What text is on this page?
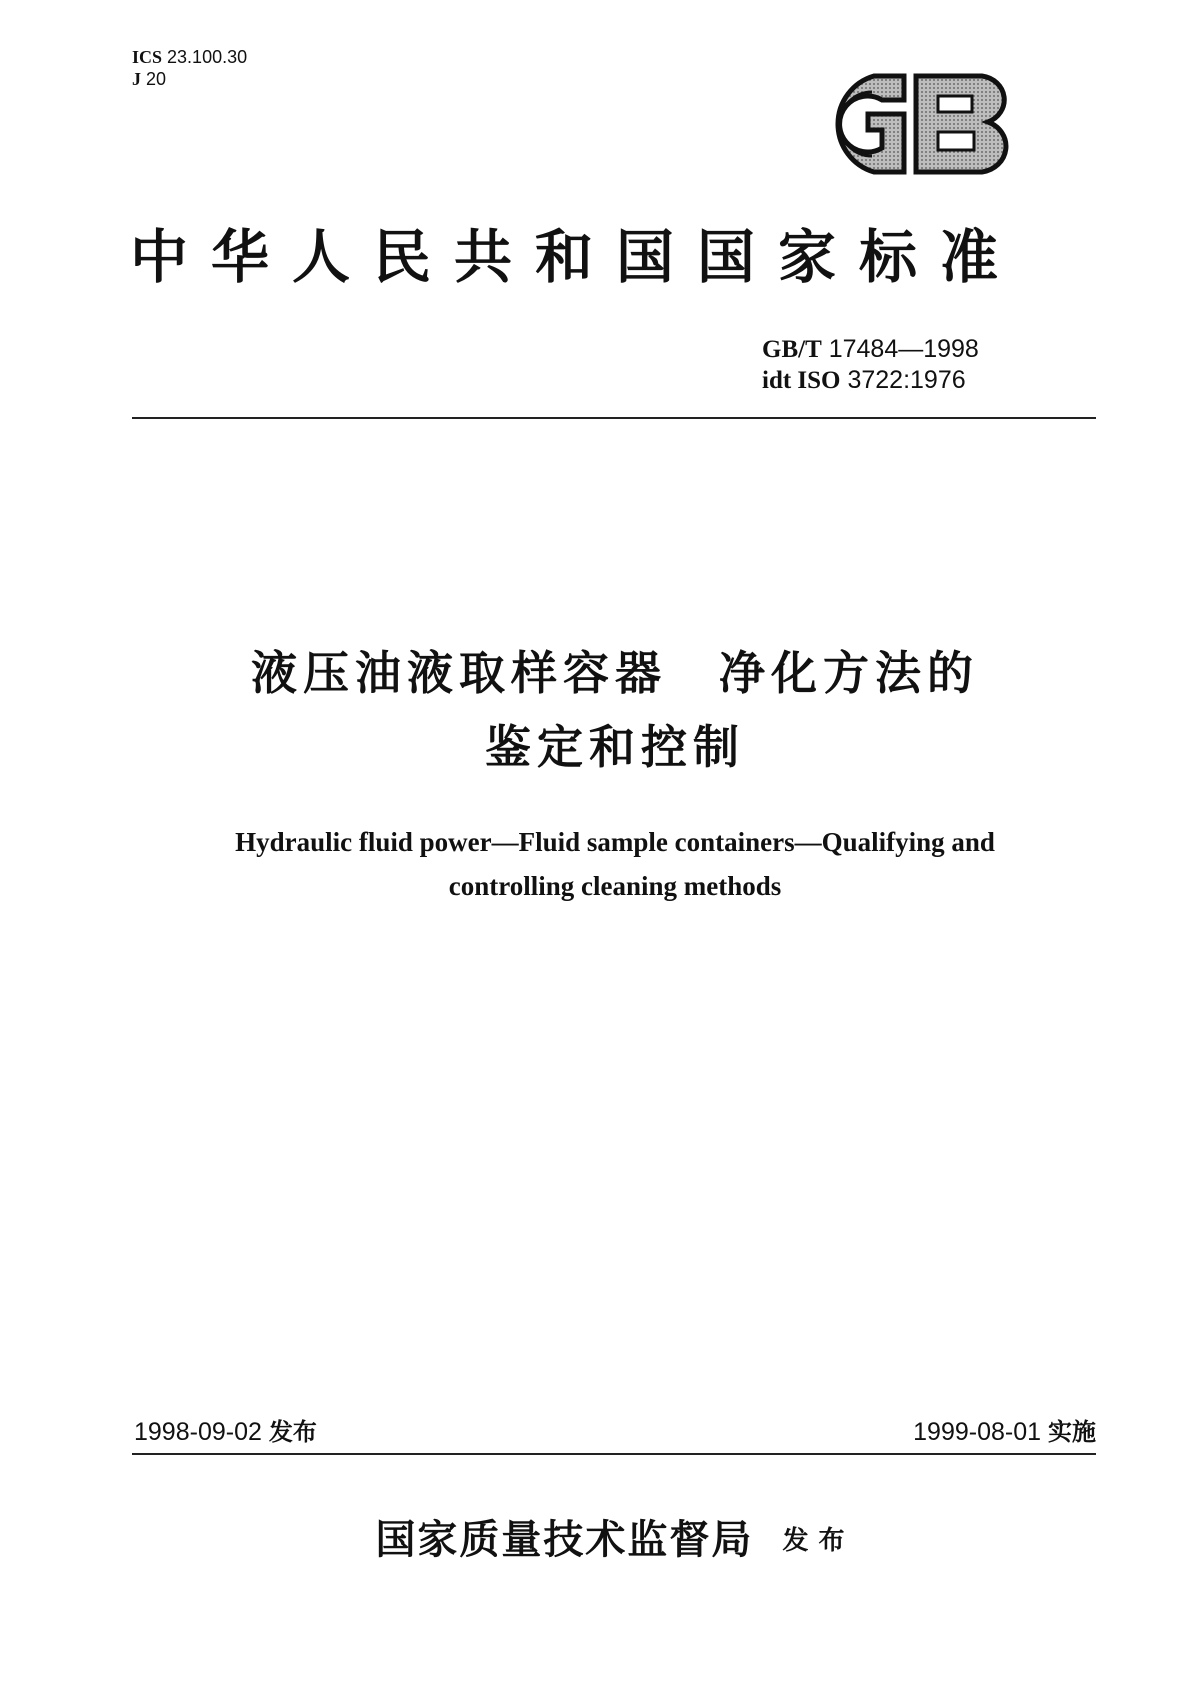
ICS 23.100.30
J 20
中华人民共和国国家标准
GB/T 17484—1998
idt ISO 3722:1976
液压油液取样容器　净化方法的
鉴定和控制
Hydraulic fluid power—Fluid sample containers—Qualifying and
controlling cleaning methods
1998-09-02 发布	1999-08-01 实施
国家质量技术监督局 发布
